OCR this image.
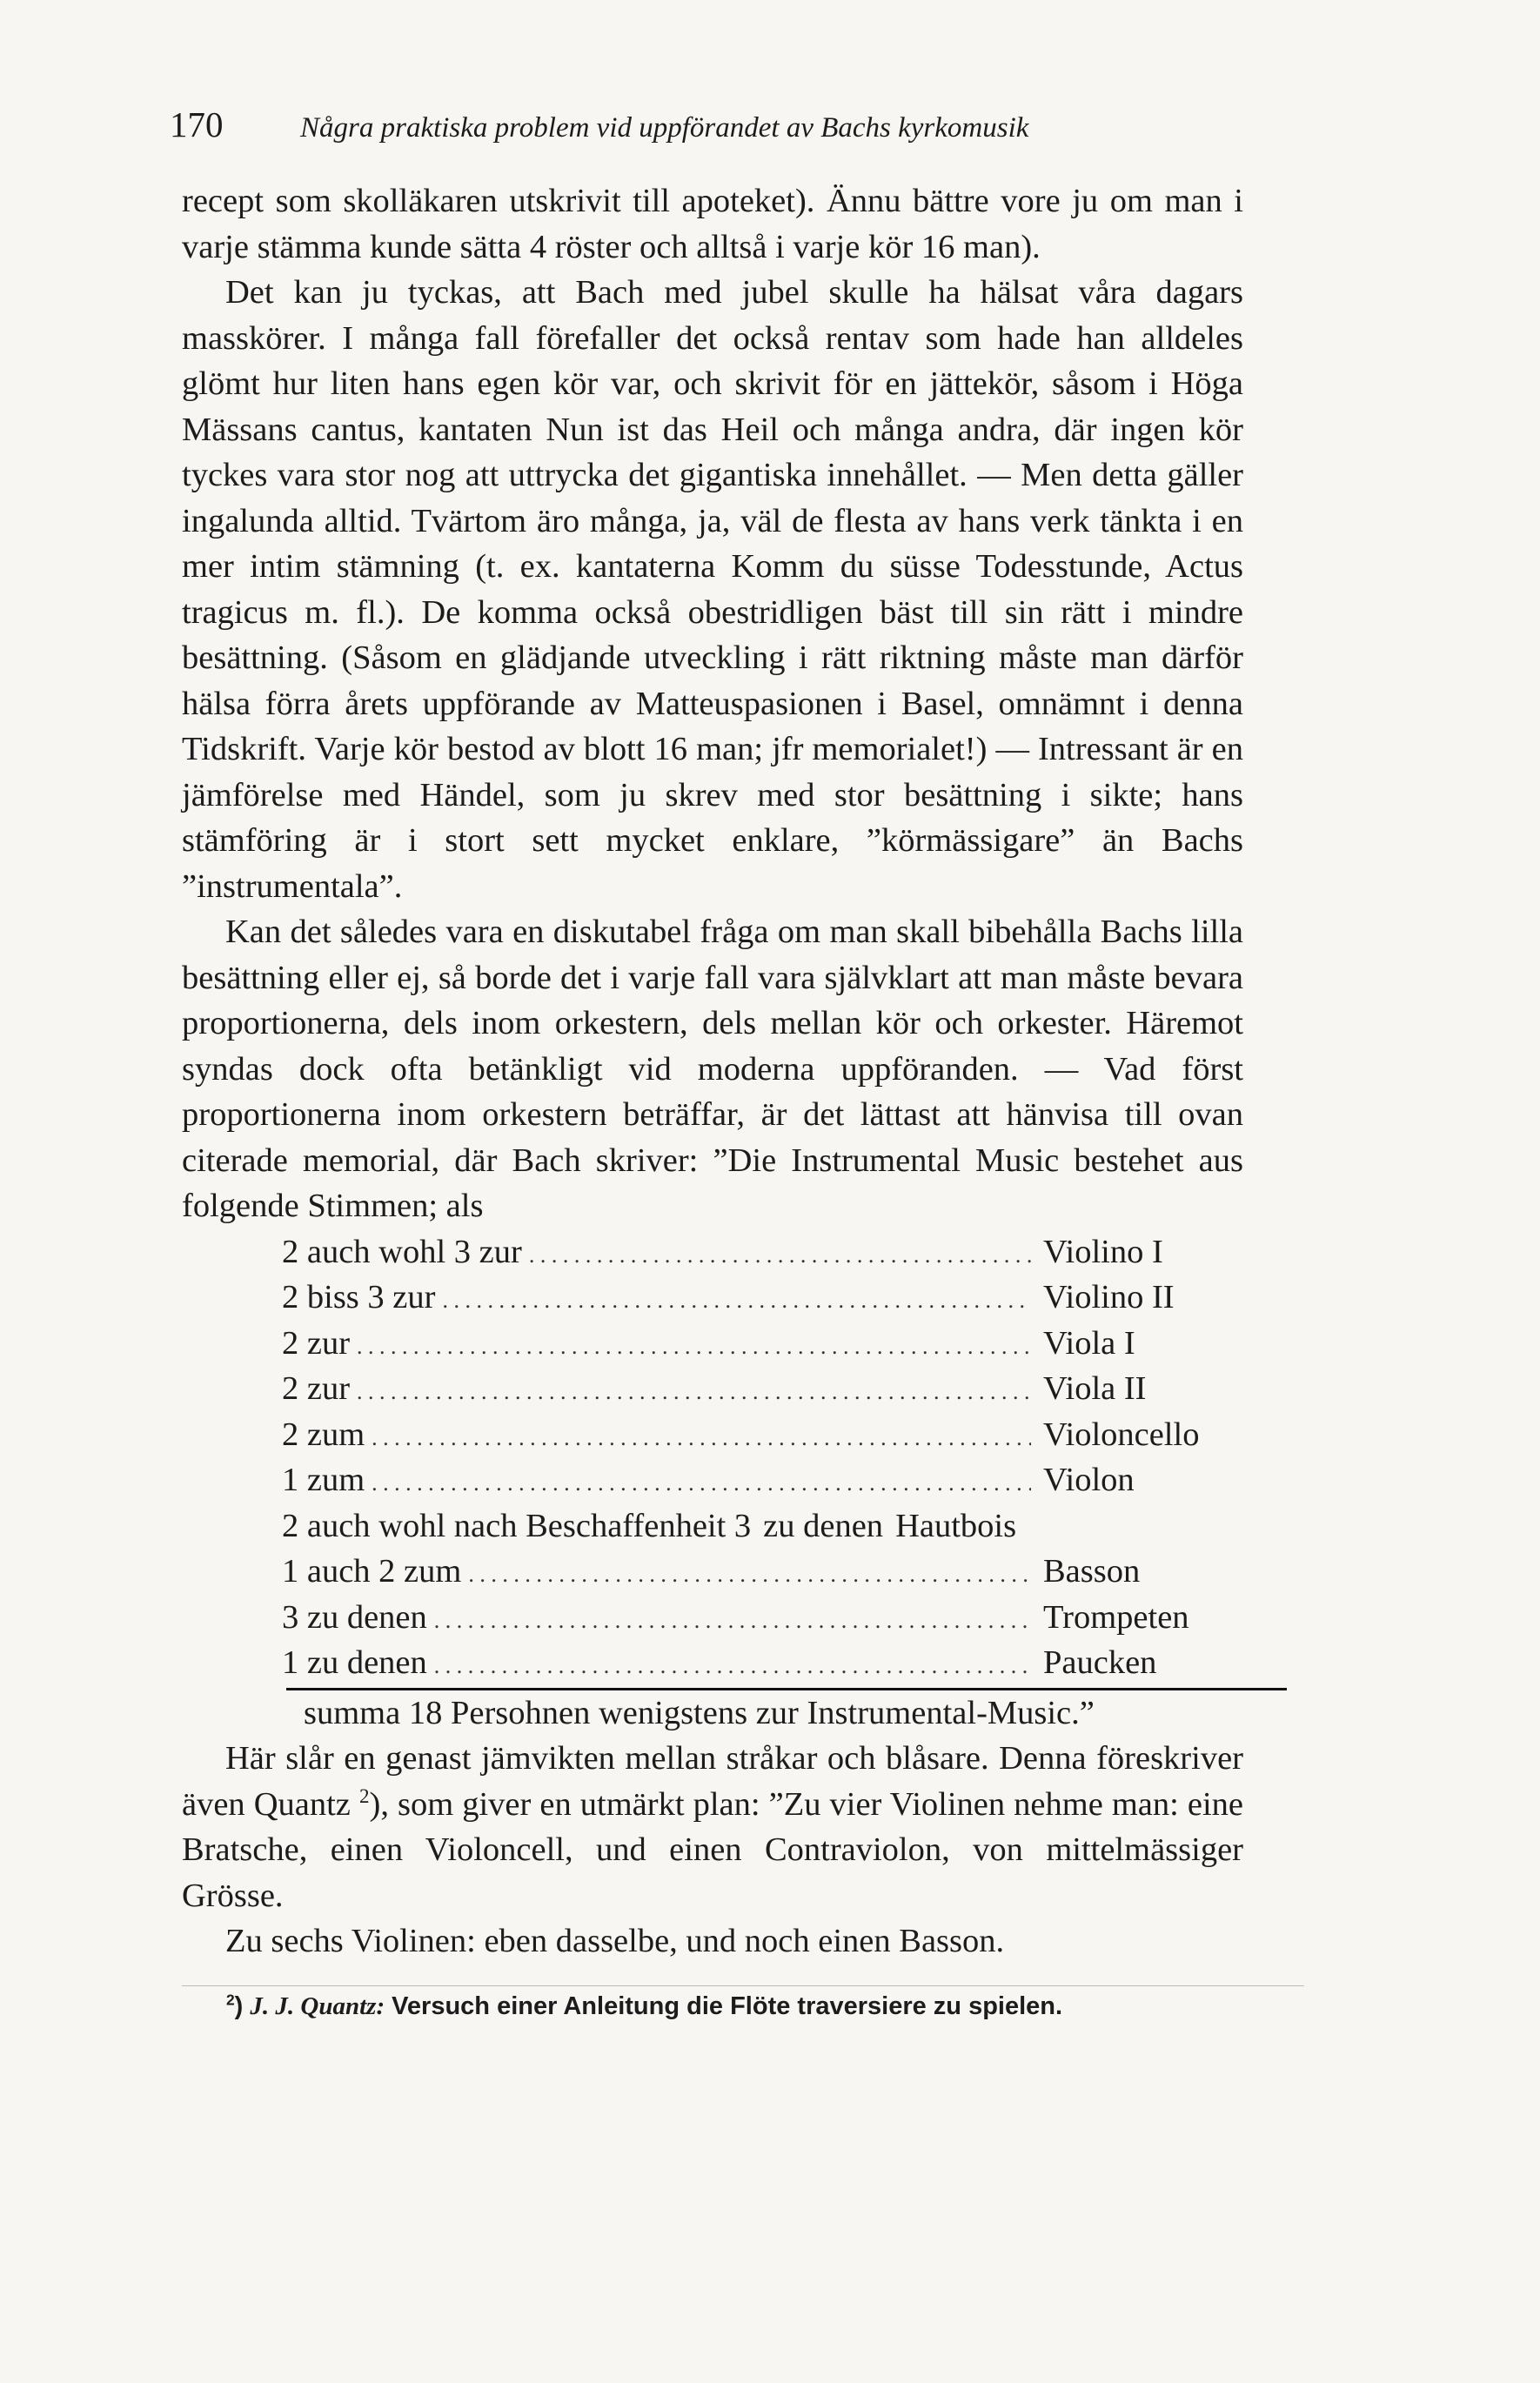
170	Några praktiska problem vid uppförandet av Bachs kyrkomusik

recept som skolläkaren utskrivit till apoteket). Ännu bättre vore ju om man i varje stämma kunde sätta 4 röster och alltså i varje kör 16 man).

Det kan ju tyckas, att Bach med jubel skulle ha hälsat våra dagars masskörer. I många fall förefaller det också rentav som hade han alldeles glömt hur liten hans egen kör var, och skrivit för en jättekör, såsom i Höga Mässans cantus, kantaten Nun ist das Heil och många andra, där ingen kör tyckes vara stor nog att uttrycka det gigantiska innehållet. — Men detta gäller ingalunda alltid. Tvärtom äro många, ja, väl de flesta av hans verk tänkta i en mer intim stämning (t. ex. kantaterna Komm du süsse Todesstunde, Actus tragicus m. fl.). De komma också obestridligen bäst till sin rätt i mindre besättning. (Såsom en glädjande utveckling i rätt riktning måste man därför hälsa förra årets uppförande av Matteuspasionen i Basel, omnämnt i denna Tidskrift. Varje kör bestod av blott 16 man; jfr memorialet!) — Intressant är en jämförelse med Händel, som ju skrev med stor besättning i sikte; hans stämföring är i stort sett mycket enklare, ”körmässigare” än Bachs ”instrumentala”.

Kan det således vara en diskutabel fråga om man skall bibehålla Bachs lilla besättning eller ej, så borde det i varje fall vara självklart att man måste bevara proportionerna, dels inom orkestern, dels mellan kör och orkester. Häremot syndas dock ofta betänkligt vid moderna uppföranden. — Vad först proportionerna inom orkestern beträffar, är det lättast att hänvisa till ovan citerade memorial, där Bach skriver: ”Die Instrumental Music bestehet aus folgende Stimmen; als

2 auch wohl 3 zur . . .	Violino I
2 biss 3 zur . . .	Violino II
2 zur . . .	Viola I
2 zur . . .	Viola II
2 zum . . .	Violoncello
1 zum . . .	Violon
2 auch wohl nach Beschaffenheit 3 zu denen Hautbois
1 auch 2 zum . . .	Basson
3 zu denen . . .	Trompeten
1 zu denen . . .	Paucken

summa 18 Persohnen wenigstens zur Instrumental-Music.”

Här slår en genast jämvikten mellan stråkar och blåsare. Denna föreskriver även Quantz $^2$), som giver en utmärkt plan: ”Zu vier Violinen nehme man: eine Bratsche, einen Violoncell, und einen Contraviolon, von mittelmässiger Grösse.

Zu sechs Violinen: eben dasselbe, und noch einen Basson.

$^2$) J. J. Quantz: Versuch einer Anleitung die Flöte traversiere zu spielen.
